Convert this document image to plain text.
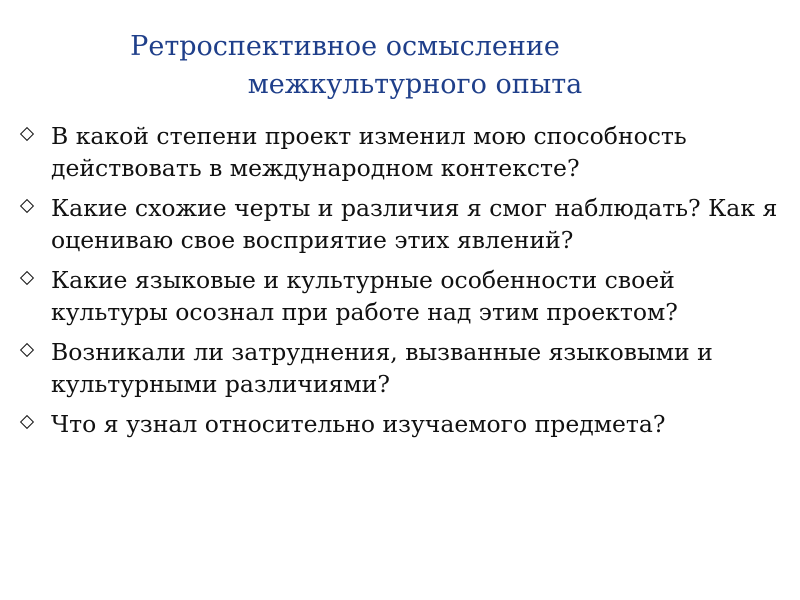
Ретроспективное осмысление
межкультурного опыта
В какой степени проект изменил мою способность действовать в международном контексте?
Какие схожие черты и различия я смог наблюдать? Как я оцениваю свое восприятие этих явлений?
Какие языковые и культурные особенности своей культуры осознал при работе над этим проектом?
Возникали ли затруднения, вызванные языковыми и культурными различиями?
Что я узнал относительно изучаемого предмета?
